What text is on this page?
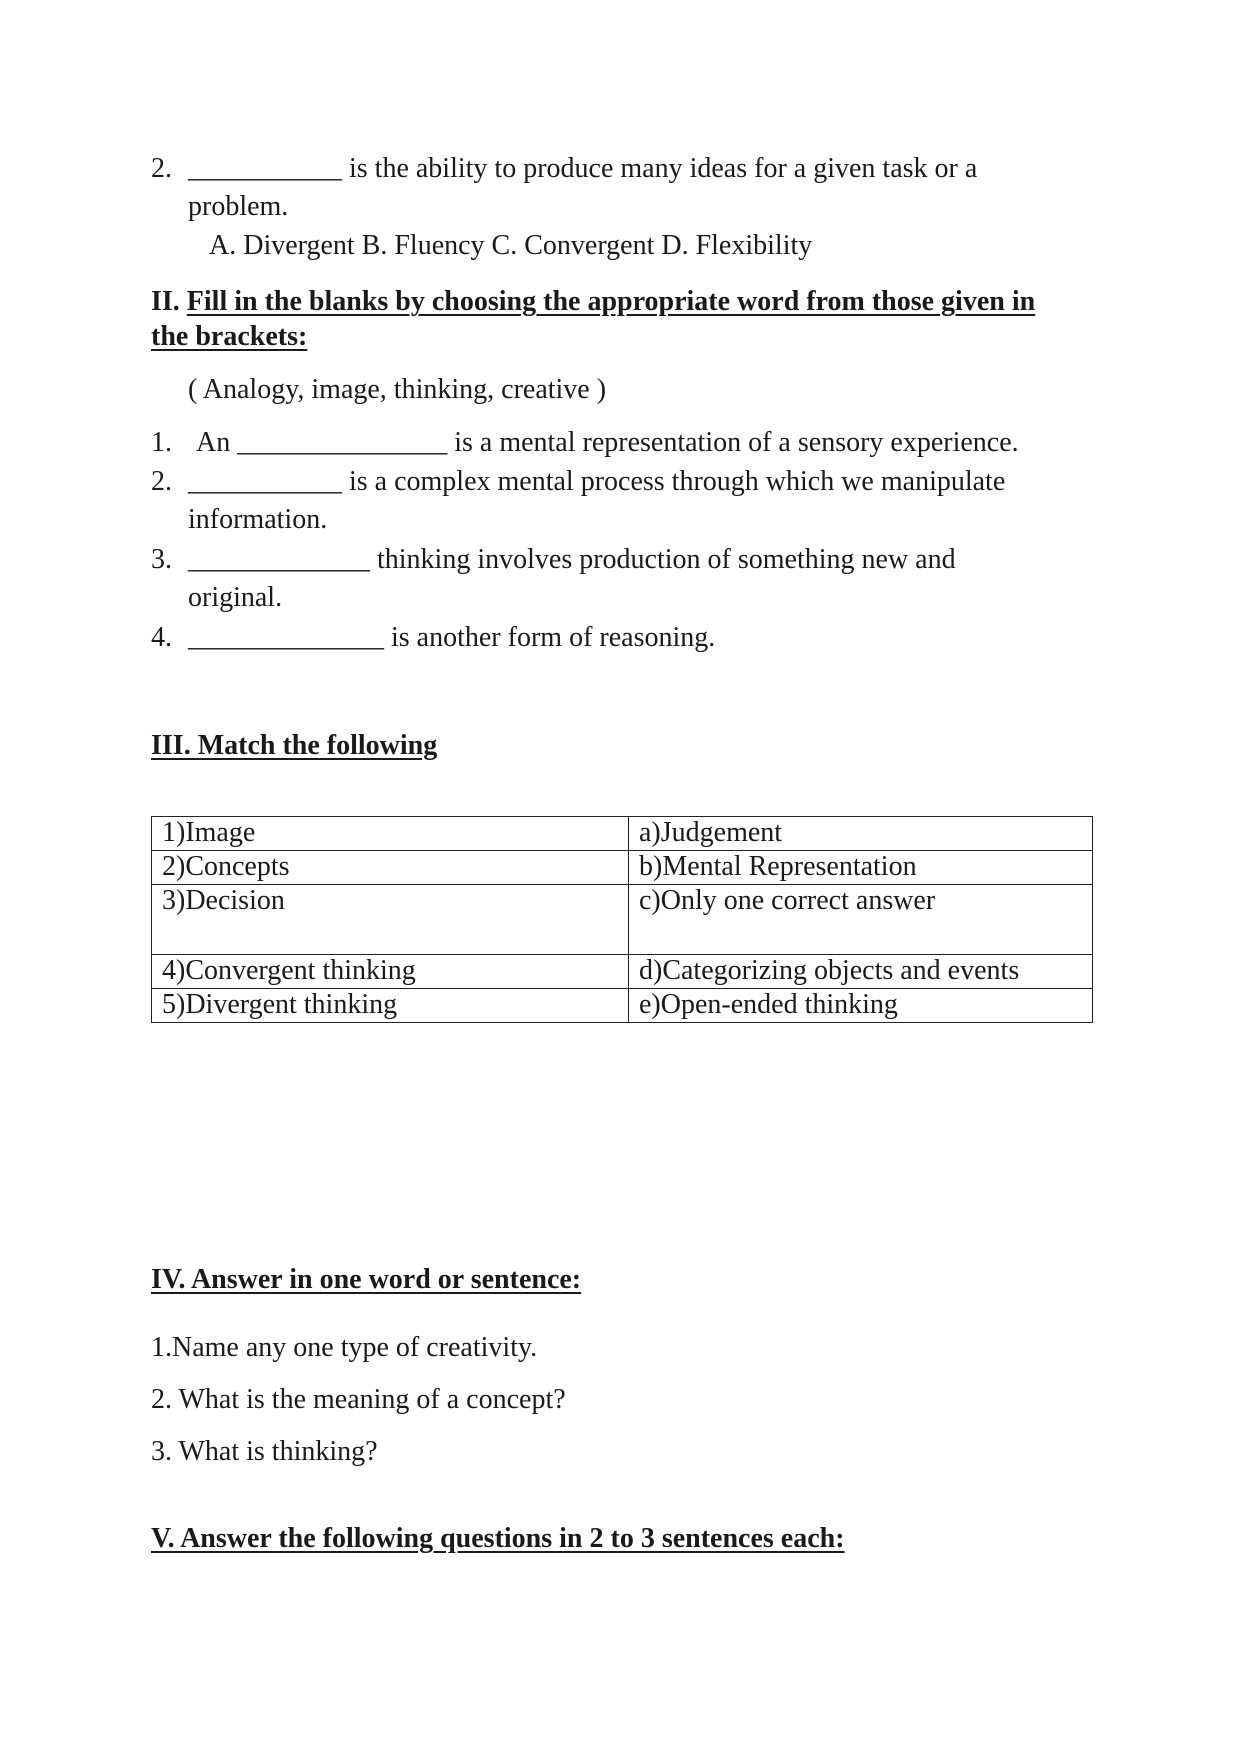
2. ___________ is the ability to produce many ideas for a given task or a
problem.
A. Divergent B. Fluency C. Convergent D. Flexibility
II. Fill in the blanks by choosing the appropriate word from those given in
the brackets:
( Analogy, image, thinking, creative )
1. An _______________ is a mental representation of a sensory experience.
2. ___________ is a complex mental process through which we manipulate
information.
3. _____________ thinking involves production of something new and
original.
4. ______________ is another form of reasoning.
III. Match the following
1)Image	a)Judgement
2)Concepts	b)Mental Representation
3)Decision	c)Only one correct answer
4)Convergent thinking	d)Categorizing objects and events
5)Divergent thinking	e)Open-ended thinking
IV. Answer in one word or sentence:
1.Name any one type of creativity.
2. What is the meaning of a concept?
3. What is thinking?
V. Answer the following questions in 2 to 3 sentences each:
